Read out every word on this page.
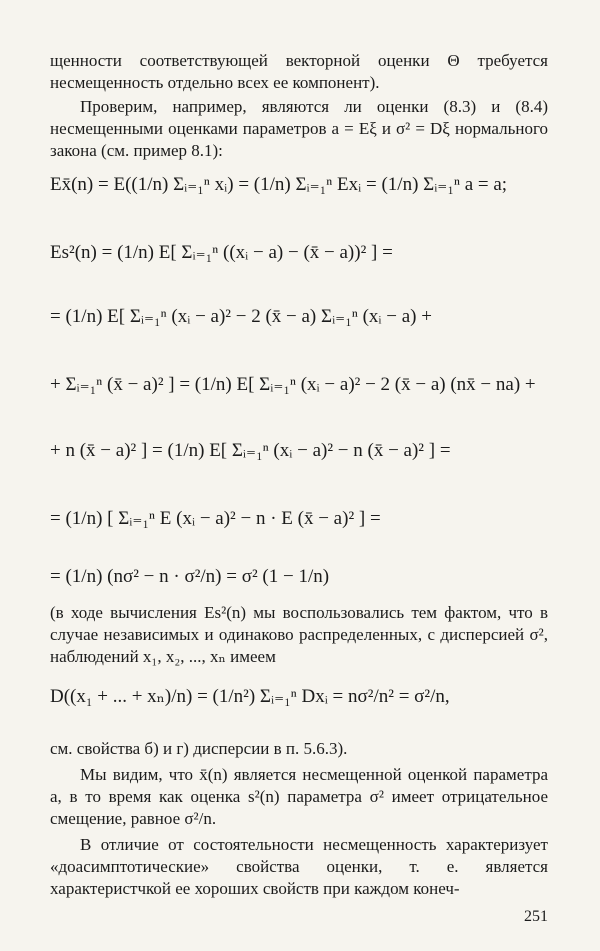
щенности соответствующей векторной оценки Θ требуется несмещенность отдельно всех ее компонент).

Проверим, например, являются ли оценки (8.3) и (8.4) несмещенными оценками параметров a = Eξ и σ² = Dξ нормального закона (см. пример 8.1):

Ex̄(n) = E((1/n) Σᵢ₌₁ⁿ xᵢ) = (1/n) Σᵢ₌₁ⁿ Exᵢ = (1/n) Σᵢ₌₁ⁿ a = a;

Es²(n) = (1/n) E[ Σᵢ₌₁ⁿ ((xᵢ − a) − (x̄ − a))² ] =

= (1/n) E[ Σᵢ₌₁ⁿ (xᵢ − a)² − 2 (x̄ − a) Σᵢ₌₁ⁿ (xᵢ − a) +

+ Σᵢ₌₁ⁿ (x̄ − a)² ] = (1/n) E[ Σᵢ₌₁ⁿ (xᵢ − a)² − 2 (x̄ − a) (nx̄ − na) +

+ n (x̄ − a)² ] = (1/n) E[ Σᵢ₌₁ⁿ (xᵢ − a)² − n (x̄ − a)² ] =

= (1/n) [ Σᵢ₌₁ⁿ E (xᵢ − a)² − n · E (x̄ − a)² ] =

= (1/n) (nσ² − n · σ²/n) = σ² (1 − 1/n)

(в ходе вычисления Es²(n) мы воспользовались тем фактом, что в случае независимых и одинаково распределенных, с дисперсией σ², наблюдений x₁, x₂, ..., xₙ имеем

D((x₁ + ... + xₙ)/n) = (1/n²) Σᵢ₌₁ⁿ Dxᵢ = nσ²/n² = σ²/n,

см. свойства б) и г) дисперсии в п. 5.6.3).

Мы видим, что x̄(n) является несмещенной оценкой параметра a, в то время как оценка s²(n) параметра σ² имеет отрицательное смещение, равное σ²/n.

В отличие от состоятельности несмещенность характеризует «доасимптотические» свойства оценки, т. е. является характеристчкой ее хороших свойств при каждом конеч-

251
